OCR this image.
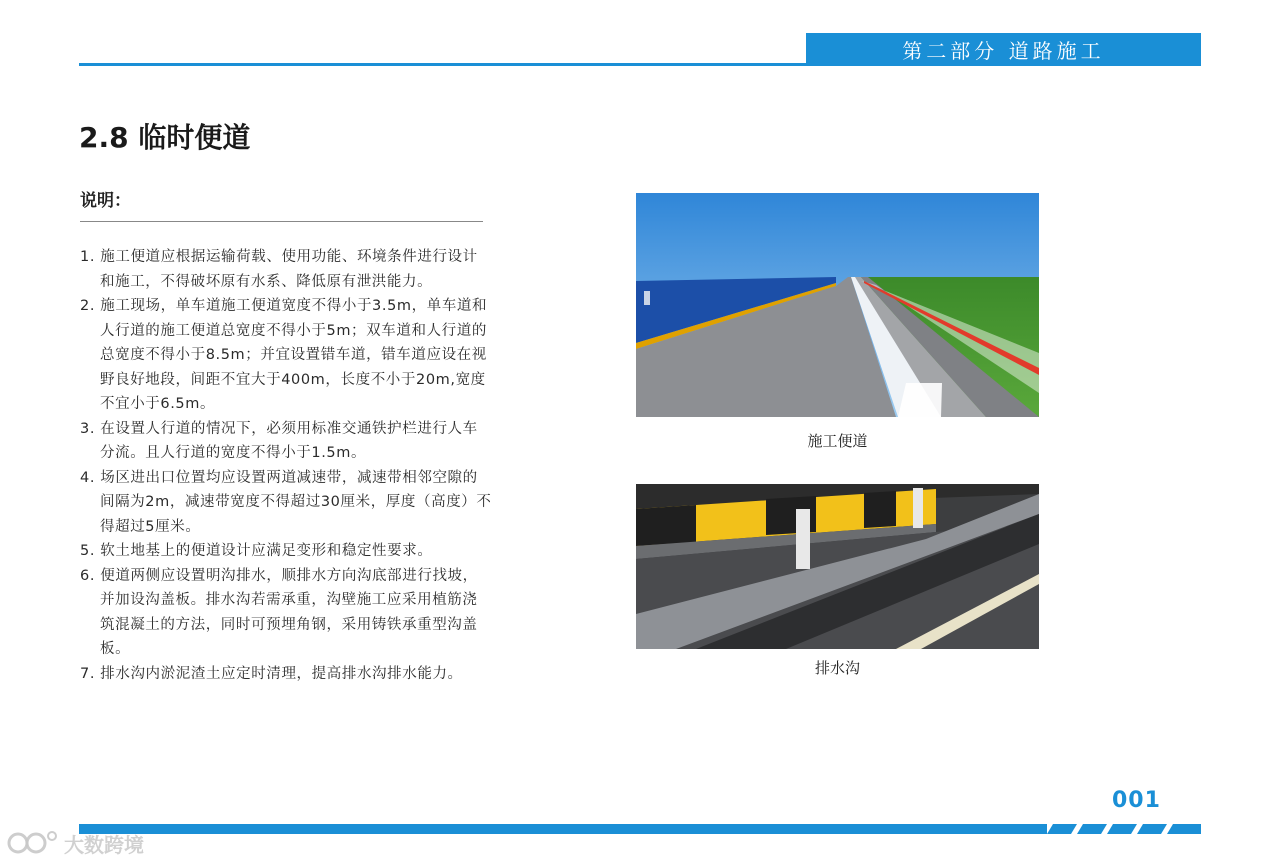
第二部分 道路施工
2.8 临时便道
说明：
1. 施工便道应根据运输荷载、使用功能、环境条件进行设计和施工，不得破坏原有水系、降低原有泄洪能力。
2. 施工现场，单车道施工便道宽度不得小于3.5m，单车道和人行道的施工便道总宽度不得小于5m；双车道和人行道的总宽度不得小于8.5m；并宜设置错车道，错车道应设在视野良好地段，间距不宜大于400m，长度不小于20m,宽度不宜小于6.5m。
3. 在设置人行道的情况下，必须用标准交通铁护栏进行人车分流。且人行道的宽度不得小于1.5m。
4. 场区进出口位置均应设置两道减速带，减速带相邻空隙的间隔为2m，减速带宽度不得超过30厘米，厚度（高度）不得超过5厘米。
5. 软土地基上的便道设计应满足变形和稳定性要求。
6. 便道两侧应设置明沟排水，顺排水方向沟底部进行找坡，并加设沟盖板。排水沟若需承重，沟壁施工应采用植筋浇筑混凝土的方法，同时可预埋角钢，采用铸铁承重型沟盖板。
7. 排水沟内淤泥渣土应定时清理，提高排水沟排水能力。
施工便道
排水沟
001
大数跨境
